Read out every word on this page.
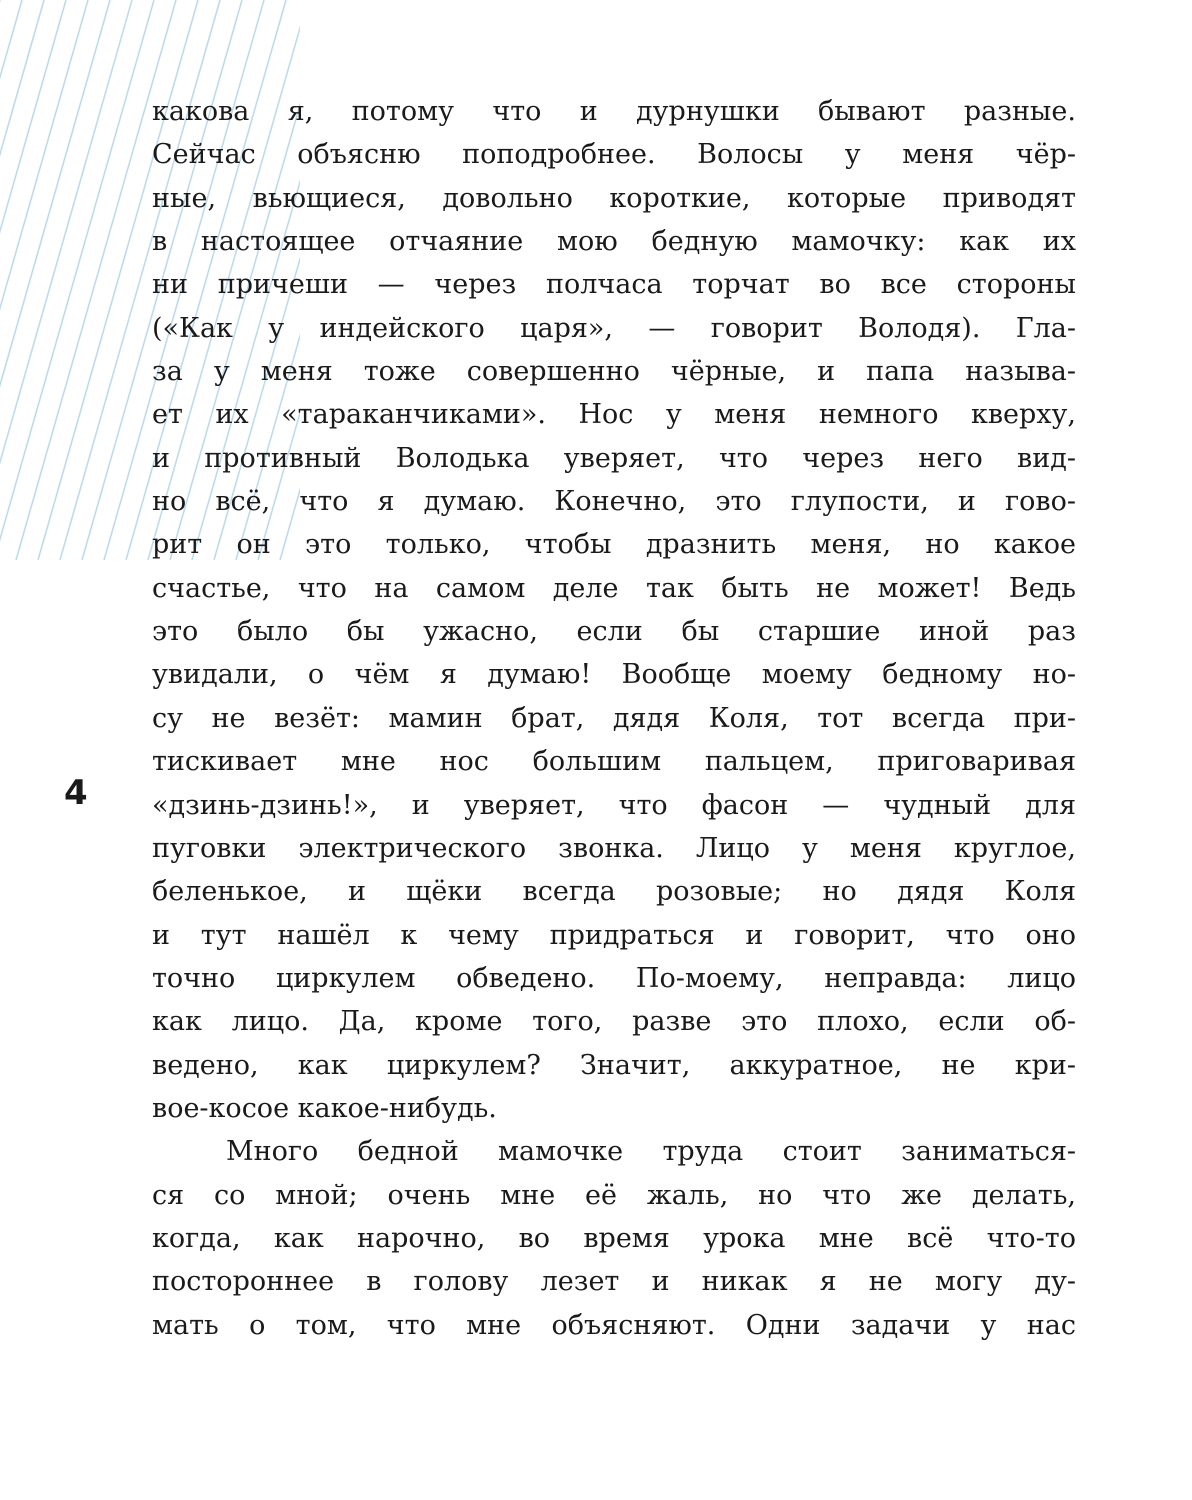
4
какова я, потому что и дурнушки бывают разные.
Сейчас объясню поподробнее. Волосы у меня чёр-
ные, вьющиеся, довольно короткие, которые приводят
в настоящее отчаяние мою бедную мамочку: как их
ни причеши — через полчаса торчат во все стороны
(«Как у индейского царя», — говорит Володя). Гла-
за у меня тоже совершенно чёрные, и папа называ-
ет их «тараканчиками». Нос у меня немного кверху,
и противный Володька уверяет, что через него вид-
но всё, что я думаю. Конечно, это глупости, и гово-
рит он это только, чтобы дразнить меня, но какое
счастье, что на самом деле так быть не может! Ведь
это было бы ужасно, если бы старшие иной раз
увидали, о чём я думаю! Вообще моему бедному но-
су не везёт: мамин брат, дядя Коля, тот всегда при-
тискивает мне нос большим пальцем, приговаривая
«дзинь-дзинь!», и уверяет, что фасон — чудный для
пуговки электрического звонка. Лицо у меня круглое,
беленькое, и щёки всегда розовые; но дядя Коля
и тут нашёл к чему придраться и говорит, что оно
точно циркулем обведено. По-моему, неправда: лицо
как лицо. Да, кроме того, разве это плохо, если об-
ведено, как циркулем? Значит, аккуратное, не кри-
вое-косое какое-нибудь.
Много бедной мамочке труда стоит заниматься-
ся со мной; очень мне её жаль, но что же делать,
когда, как нарочно, во время урока мне всё что-то
постороннее в голову лезет и никак я не могу ду-
мать о том, что мне объясняют. Одни задачи у нас
